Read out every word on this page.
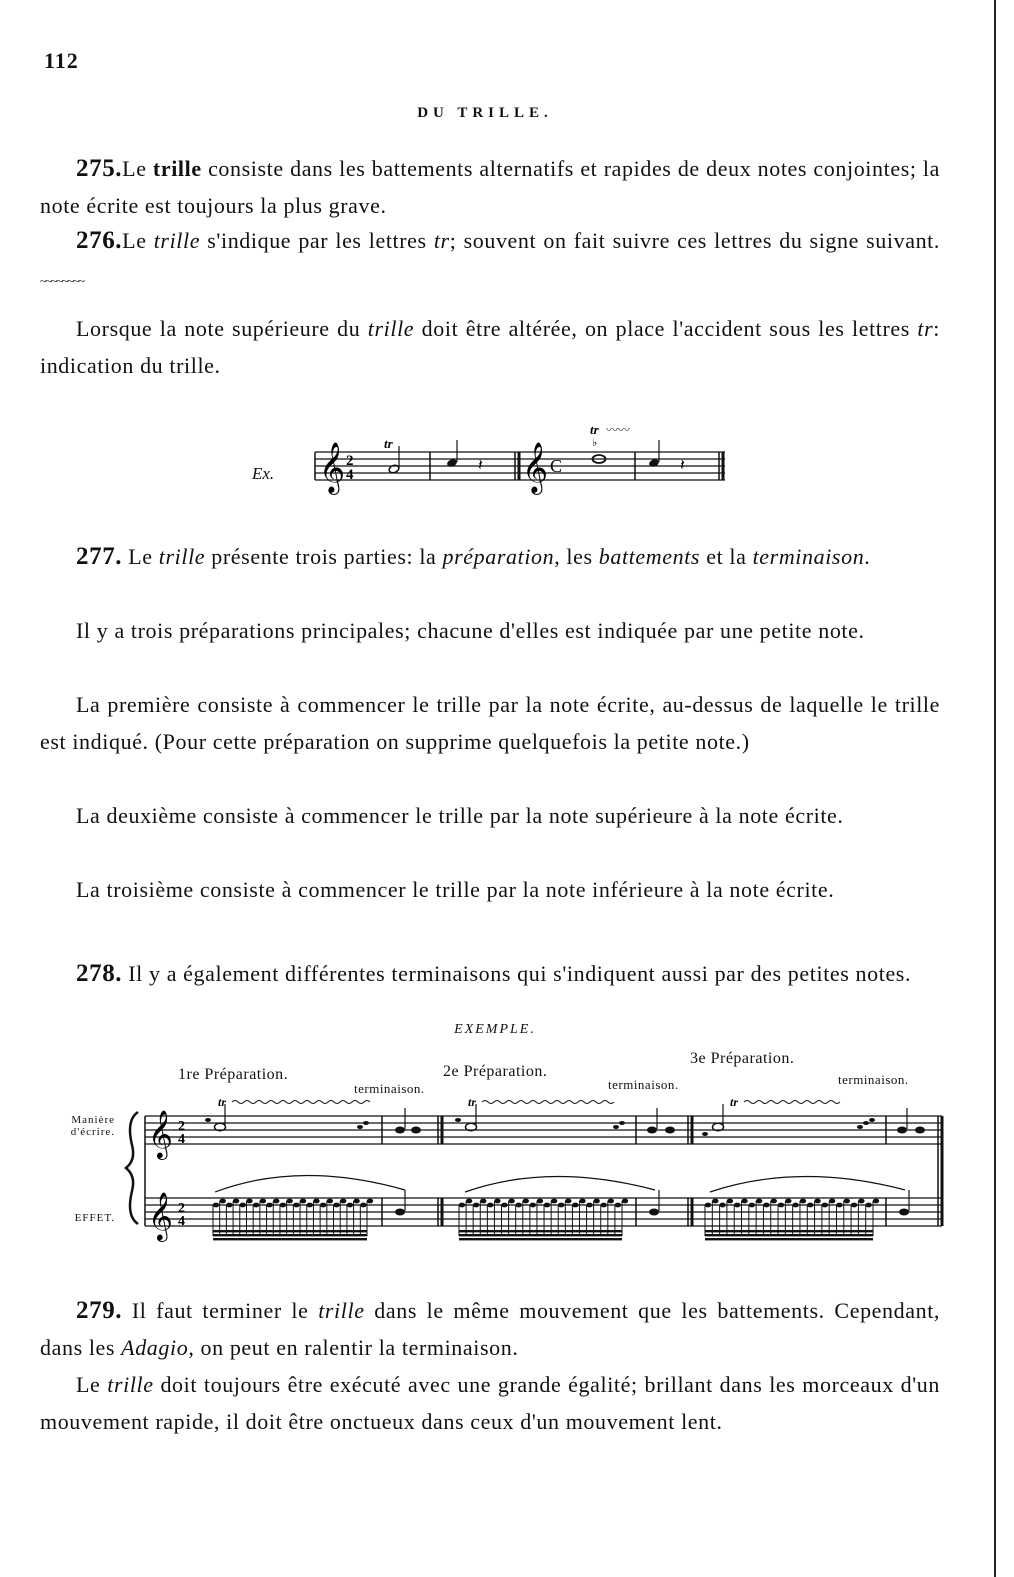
112
DU TRILLE.
275.Le trille consiste dans les battements alternatifs et rapides de deux notes conjointes; la note écrite est toujours la plus grave.
276.Le trille s'indique par les lettres tr; souvent on fait suivre ces lettres du signe suivant. ~~~~~~~~
Lorsque la note supérieure du trille doit être altérée, on place l'accident sous les lettres tr: indication du trille.
Ex. 𝄞 2
4
tr
𝄽 𝄞 C
tr 〰〰
♭
𝄽
277. Le trille présente trois parties: la préparation, les battements et la terminaison.
Il y a trois préparations principales; chacune d'elles est indiquée par une petite note.
La première consiste à commencer le trille par la note écrite, au-dessus de laquelle le trille est indiqué. (Pour cette préparation on supprime quelquefois la petite note.)
La deuxième consiste à commencer le trille par la note supérieure à la note écrite.
La troisième consiste à commencer le trille par la note inférieure à la note écrite.
278. Il y a également différentes terminaisons qui s'indiquent aussi par des petites notes.
EXEMPLE.
1re Préparation.	2e Préparation.
3e Préparation.
terminaison.	terminaison.	terminaison.
Manière
d'écrire.
EFFET.
𝄞
𝄞
2
4
2
4
tr	tr	tr
279. Il faut terminer le trille dans le même mouvement que les battements. Cependant, dans les Adagio, on peut en ralentir la terminaison.
Le trille doit toujours être exécuté avec une grande égalité; brillant dans les morceaux d'un mouvement rapide, il doit être onctueux dans ceux d'un mouvement lent.
